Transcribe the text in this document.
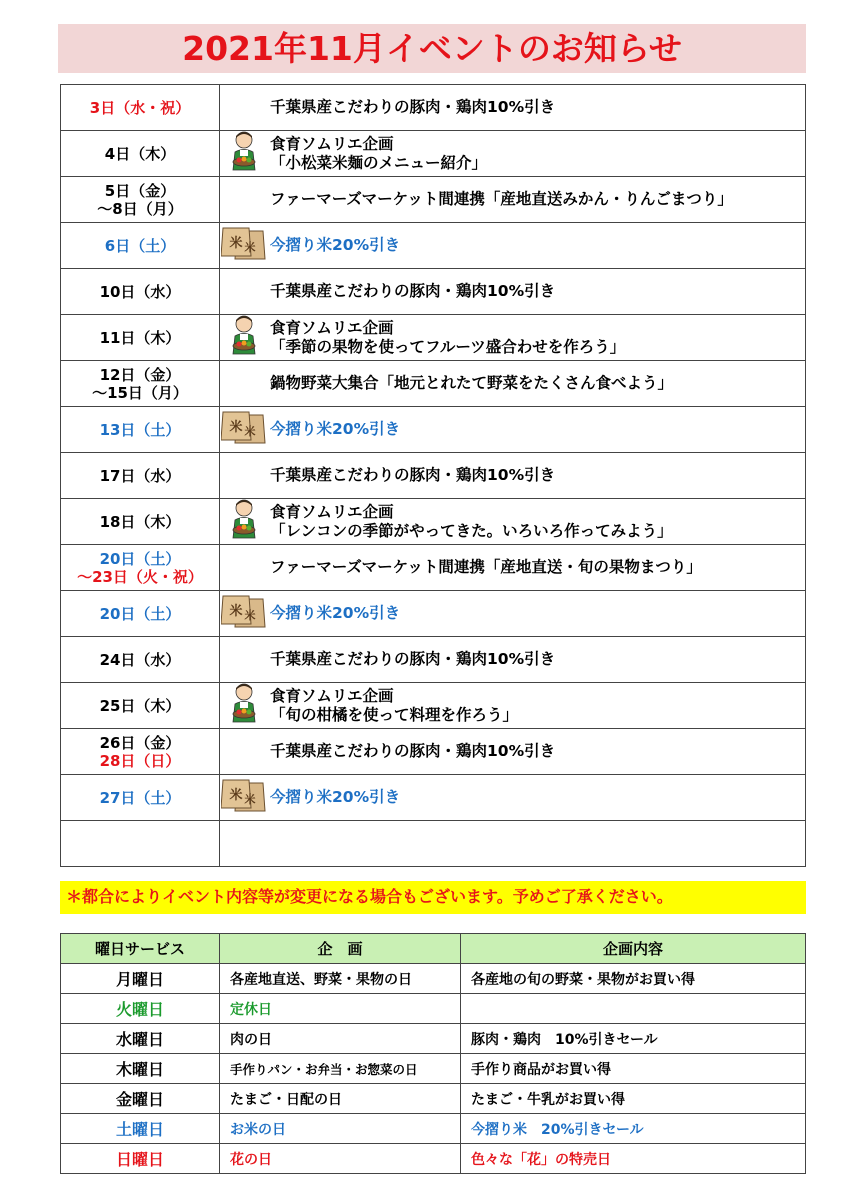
2021年11月イベントのお知らせ
3日（水・祝）	千葉県産こだわりの豚肉・鶏肉10%引き

4日（木）	食育ソムリエ企画
「小松菜米麺のメニュー紹介」

5日（金）
～8日（月）	ファーマーズマーケット間連携「産地直送みかん・りんごまつり」

6日（土）	米 米 今摺り米20%引き

10日（水）	千葉県産こだわりの豚肉・鶏肉10%引き

11日（木）	食育ソムリエ企画
「季節の果物を使ってフルーツ盛合わせを作ろう」

12日（金）
～15日（月）	鍋物野菜大集合「地元とれたて野菜をたくさん食べよう」

13日（土）	米 米 今摺り米20%引き

17日（水）	千葉県産こだわりの豚肉・鶏肉10%引き

18日（木）	食育ソムリエ企画
「レンコンの季節がやってきた。いろいろ作ってみよう」

20日（土）
～23日（火・祝）	ファーマーズマーケット間連携「産地直送・旬の果物まつり」

20日（土）	米 米 今摺り米20%引き

24日（水）	千葉県産こだわりの豚肉・鶏肉10%引き

25日（木）	食育ソムリエ企画
「旬の柑橘を使って料理を作ろう」

26日（金）
28日（日）	千葉県産こだわりの豚肉・鶏肉10%引き

27日（土）	米 米 今摺り米20%引き

＊都合によりイベント内容等が変更になる場合もございます。予めご了承ください。
曜日サービス	企　画	企画内容
月曜日	各産地直送、野菜・果物の日	各産地の旬の野菜・果物がお買い得
火曜日	定休日	
水曜日	肉の日	豚肉・鶏肉　10%引きセール
木曜日	手作りパン・お弁当・お惣菜の日	手作り商品がお買い得
金曜日	たまご・日配の日	たまご・牛乳がお買い得
土曜日	お米の日	今摺り米　20%引きセール
日曜日	花の日	色々な「花」の特売日
